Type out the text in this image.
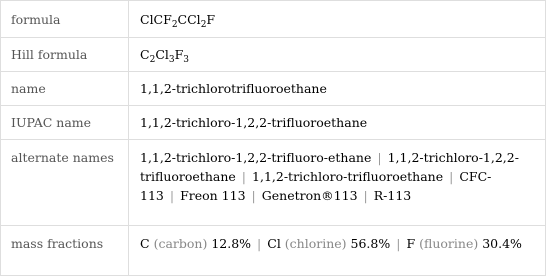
formula	ClCF$_2$CCl$_2$F
Hill formula	$C_2Cl_3F_3$
name	1,1,2-trichlorotrifluoroethane
IUPAC name	1,1,2-trichloro-1,2,2-trifluoroethane
alternate names	1,1,2-trichloro-1,2,2-trifluoro-ethane | 1,1,2-trichloro-1,2,2-trifluoroethane | 1,1,2-trichloro-trifluoroethane | CFC-113 | Freon 113 | Genetron®113 | R-113
mass fractions	C (carbon) 12.8% | Cl (chlorine) 56.8% | F (fluorine) 30.4%
